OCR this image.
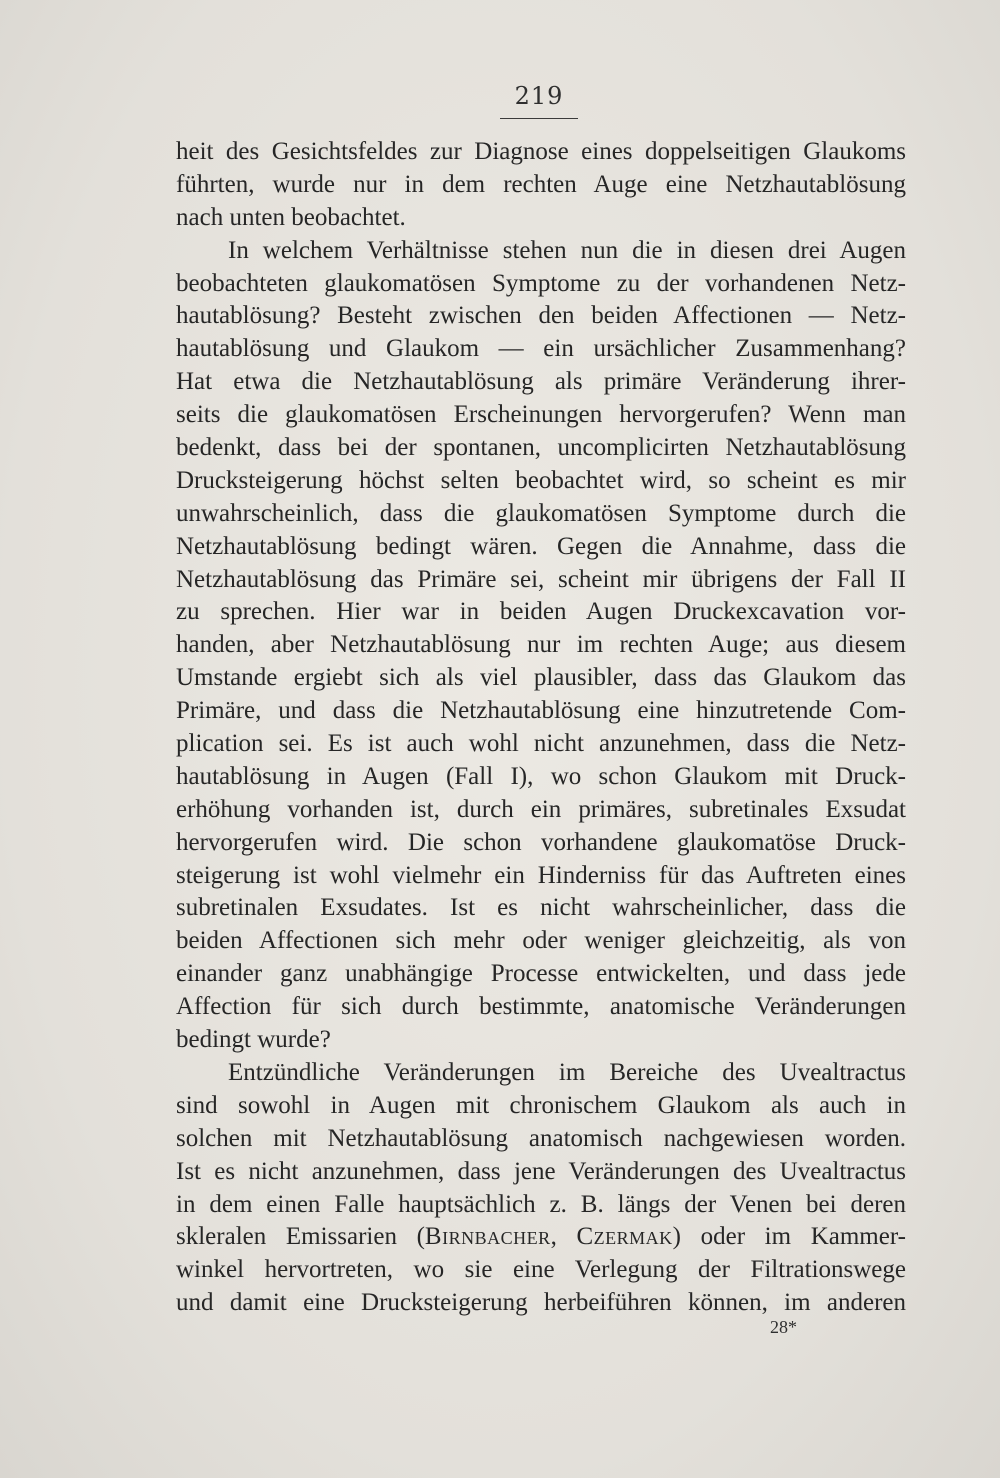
219
heit des Gesichtsfeldes zur Diagnose eines doppelseitigen Glaukoms
führten, wurde nur in dem rechten Auge eine Netzhautablösung
nach unten beobachtet.
In welchem Verhältnisse stehen nun die in diesen drei Augen
beobachteten glaukomatösen Symptome zu der vorhandenen Netz-
hautablösung? Besteht zwischen den beiden Affectionen — Netz-
hautablösung und Glaukom — ein ursächlicher Zusammenhang?
Hat etwa die Netzhautablösung als primäre Veränderung ihrer-
seits die glaukomatösen Erscheinungen hervorgerufen? Wenn man
bedenkt, dass bei der spontanen, uncomplicirten Netzhautablösung
Drucksteigerung höchst selten beobachtet wird, so scheint es mir
unwahrscheinlich, dass die glaukomatösen Symptome durch die
Netzhautablösung bedingt wären. Gegen die Annahme, dass die
Netzhautablösung das Primäre sei, scheint mir übrigens der Fall II
zu sprechen. Hier war in beiden Augen Druckexcavation vor-
handen, aber Netzhautablösung nur im rechten Auge; aus diesem
Umstande ergiebt sich als viel plausibler, dass das Glaukom das
Primäre, und dass die Netzhautablösung eine hinzutretende Com-
plication sei. Es ist auch wohl nicht anzunehmen, dass die Netz-
hautablösung in Augen (Fall I), wo schon Glaukom mit Druck-
erhöhung vorhanden ist, durch ein primäres, subretinales Exsudat
hervorgerufen wird. Die schon vorhandene glaukomatöse Druck-
steigerung ist wohl vielmehr ein Hinderniss für das Auftreten eines
subretinalen Exsudates. Ist es nicht wahrscheinlicher, dass die
beiden Affectionen sich mehr oder weniger gleichzeitig, als von
einander ganz unabhängige Processe entwickelten, und dass jede
Affection für sich durch bestimmte, anatomische Veränderungen
bedingt wurde?
Entzündliche Veränderungen im Bereiche des Uvealtractus
sind sowohl in Augen mit chronischem Glaukom als auch in
solchen mit Netzhautablösung anatomisch nachgewiesen worden.
Ist es nicht anzunehmen, dass jene Veränderungen des Uvealtractus
in dem einen Falle hauptsächlich z. B. längs der Venen bei deren
skleralen Emissarien (Birnbacher, Czermak) oder im Kammer-
winkel hervortreten, wo sie eine Verlegung der Filtrationswege
und damit eine Drucksteigerung herbeiführen können, im anderen
28*
